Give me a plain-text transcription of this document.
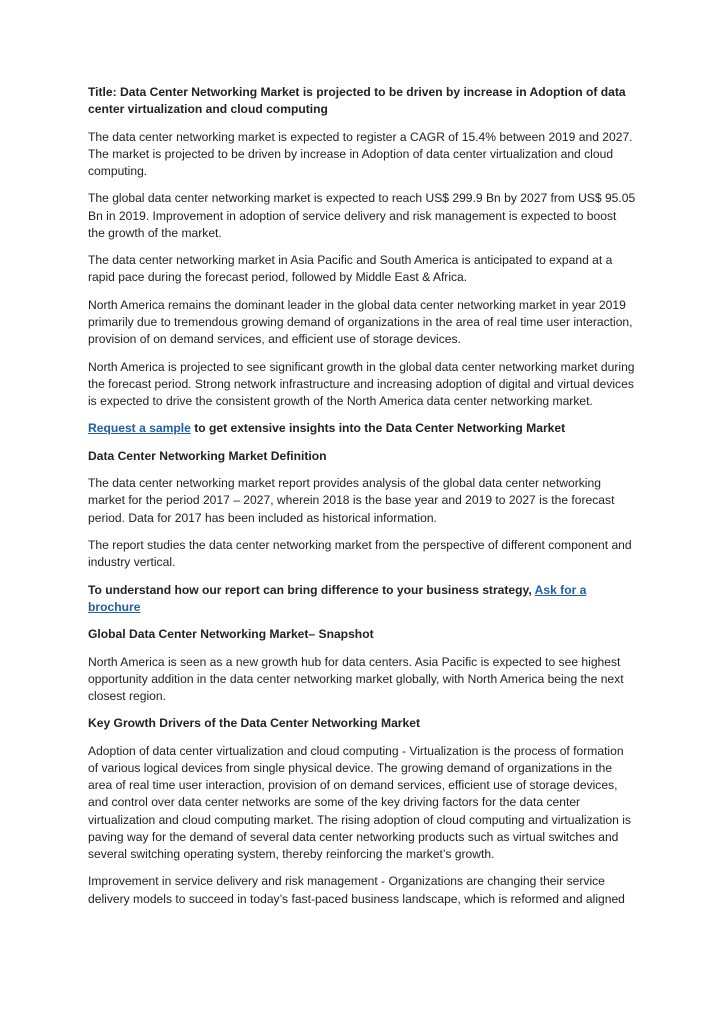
Title: Data Center Networking Market is projected to be driven by increase in Adoption of data center virtualization and cloud computing

The data center networking market is expected to register a CAGR of 15.4% between 2019 and 2027. The market is projected to be driven by increase in Adoption of data center virtualization and cloud computing.

The global data center networking market is expected to reach US$ 299.9 Bn by 2027 from US$ 95.05 Bn in 2019. Improvement in adoption of service delivery and risk management is expected to boost the growth of the market.

The data center networking market in Asia Pacific and South America is anticipated to expand at a rapid pace during the forecast period, followed by Middle East & Africa.

North America remains the dominant leader in the global data center networking market in year 2019 primarily due to tremendous growing demand of organizations in the area of real time user interaction, provision of on demand services, and efficient use of storage devices.

North America is projected to see significant growth in the global data center networking market during the forecast period. Strong network infrastructure and increasing adoption of digital and virtual devices is expected to drive the consistent growth of the North America data center networking market.

Request a sample to get extensive insights into the Data Center Networking Market

Data Center Networking Market Definition

The data center networking market report provides analysis of the global data center networking market for the period 2017 – 2027, wherein 2018 is the base year and 2019 to 2027 is the forecast period. Data for 2017 has been included as historical information.

The report studies the data center networking market from the perspective of different component and industry vertical.

To understand how our report can bring difference to your business strategy, Ask for a brochure

Global Data Center Networking Market– Snapshot

North America is seen as a new growth hub for data centers. Asia Pacific is expected to see highest opportunity addition in the data center networking market globally, with North America being the next closest region.

Key Growth Drivers of the Data Center Networking Market

Adoption of data center virtualization and cloud computing - Virtualization is the process of formation of various logical devices from single physical device. The growing demand of organizations in the area of real time user interaction, provision of on demand services, efficient use of storage devices, and control over data center networks are some of the key driving factors for the data center virtualization and cloud computing market. The rising adoption of cloud computing and virtualization is paving way for the demand of several data center networking products such as virtual switches and several switching operating system, thereby reinforcing the market’s growth.

Improvement in service delivery and risk management - Organizations are changing their service delivery models to succeed in today’s fast-paced business landscape, which is reformed and aligned
